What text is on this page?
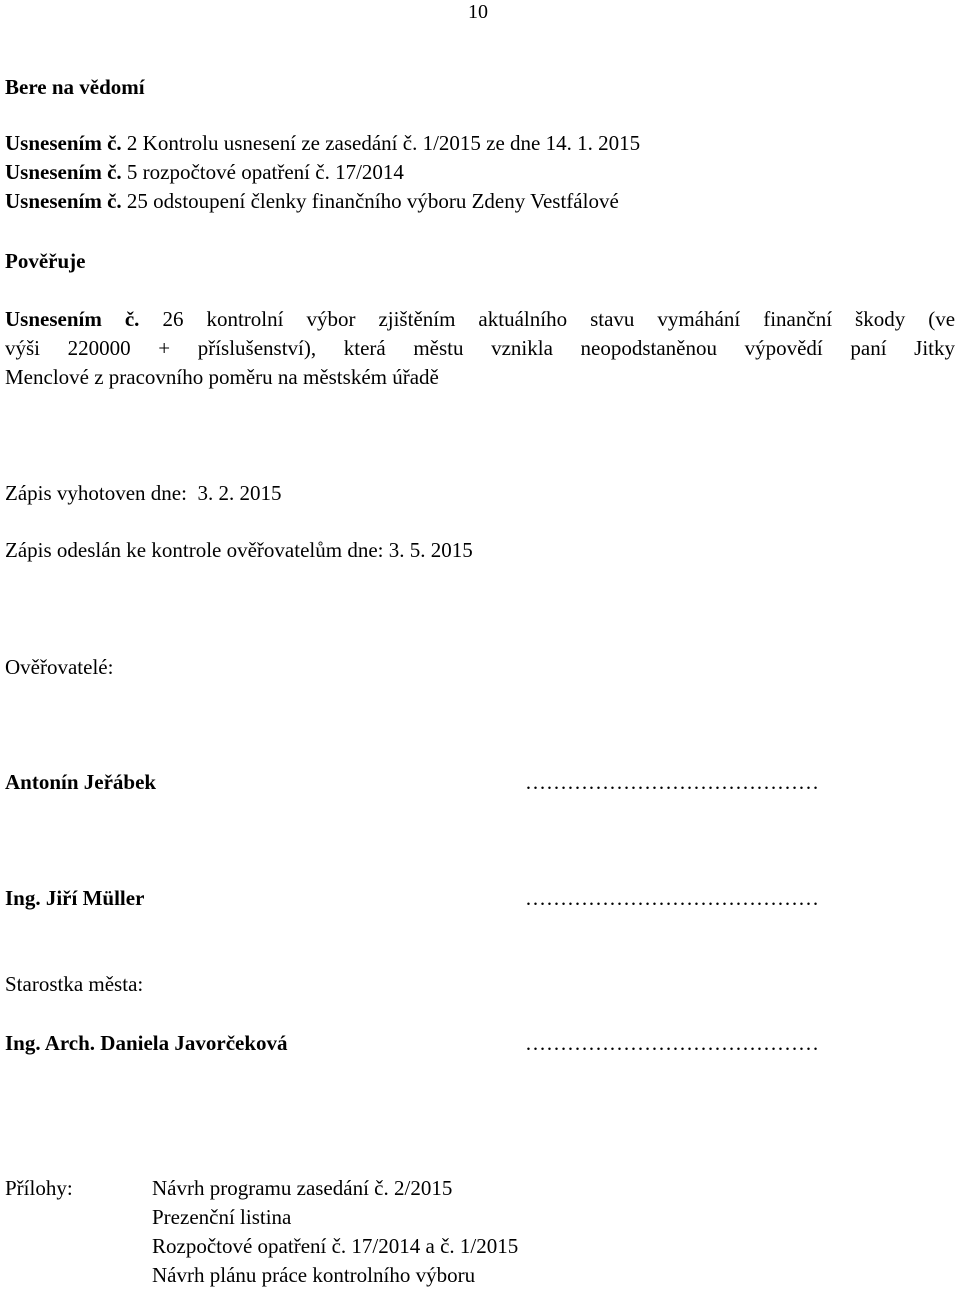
10
Bere na vědomí
Usnesením č. 2 Kontrolu usnesení ze zasedání č. 1/2015 ze dne 14. 1. 2015
Usnesením č. 5 rozpočtové opatření č. 17/2014
Usnesením č. 25 odstoupení členky finančního výboru Zdeny Vestfálové
Pověřuje
Usnesením č. 26 kontrolní výbor zjištěním aktuálního stavu vymáhání finanční škody (ve
výši 220000 + příslušenství), která městu vznikla neopodstaněnou výpovědí paní Jitky
Menclové z pracovního poměru na městském úřadě
Zápis vyhotoven dne:  3. 2. 2015
Zápis odeslán ke kontrole ověřovatelům dne: 3. 5. 2015
Ověřovatelé:
Antonín Jeřábek	……………………………………
Ing. Jiří Müller	……………………………………
Starostka města:
Ing. Arch. Daniela Javorčeková	……………………………………
Přílohy:	Návrh programu zasedání č. 2/2015
Prezenční listina
Rozpočtové opatření č. 17/2014 a č. 1/2015
Návrh plánu práce kontrolního výboru
